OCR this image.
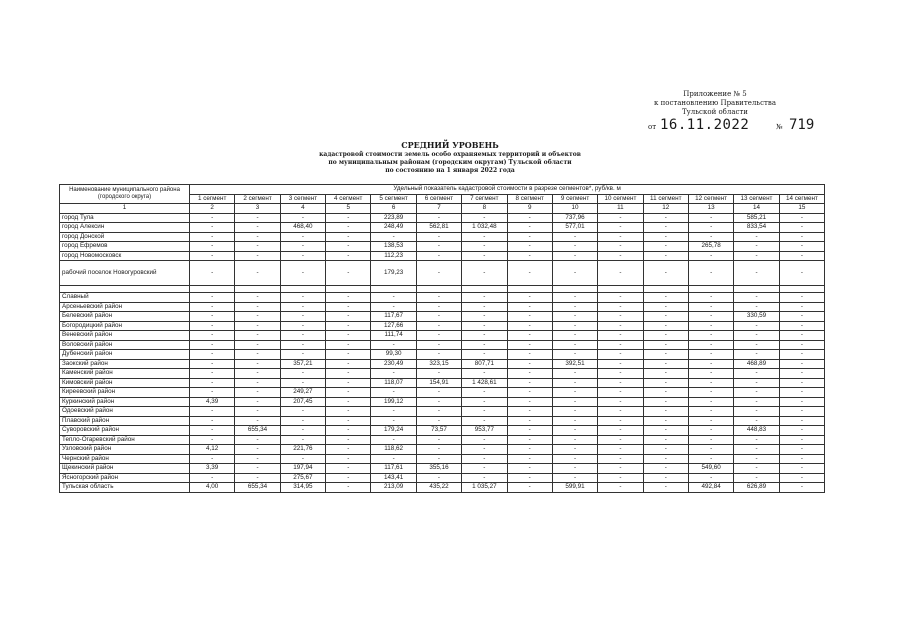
Приложение № 5
к постановлению Правительства
Тульской области
от 16.11.2022	№ 719
СРЕДНИЙ УРОВЕНЬ
кадастровой стоимости земель особо охраняемых территорий и объектов
по муниципальным районам (городским округам) Тульской области
по состоянию на 1 января 2022 года
Наименование муниципального района (городского округа)	Удельный показатель кадастровой стоимости в разрезе сегментов*, руб/кв. м													
	1 сегмент	2 сегмент	3 сегмент	4 сегмент	5 сегмент	6 сегмент	7 сегмент	8 сегмент	9 сегмент	10 сегмент	11 сегмент	12 сегмент	13 сегмент	14 сегмент
1	2	3	4	5	6	7	8	9	10	11	12	13	14	15
город Тула	-	-	-	-	223,89	-	-	-	737,96	-	-	-	585,21	-
город Алексин	-	-	468,40	-	248,49	562,81	1 032,48	-	577,01	-	-	-	833,54	-
город Донской	-	-	-	-	-	-	-	-	-	-	-	-	-	-
город Ефремов	-	-	-	-	138,53	-	-	-	-	-	-	265,78	-	-
город Новомосковск	-	-	-	-	112,23	-	-	-	-	-	-	-	-	-
рабочий поселок Новогуровский	-	-	-	-	179,23	-	-	-	-	-	-	-	-	-

Славный	-	-	-	-	-	-	-	-	-	-	-	-	-	-
Арсеньевский район	-	-	-	-	-	-	-	-	-	-	-	-	-	-
Белевский район	-	-	-	-	117,67	-	-	-	-	-	-	-	330,59	-
Богородицкий район	-	-	-	-	127,66	-	-	-	-	-	-	-	-	-
Веневский район	-	-	-	-	111,74	-	-	-	-	-	-	-	-	-
Воловский район	-	-	-	-	-	-	-	-	-	-	-	-	-	-
Дубенский район	-	-	-	-	99,30	-	-	-	-	-	-	-	-	-
Заокский район	-	-	357,21	-	230,49	323,15	807,71	-	392,51	-	-	-	468,89	-
Каменский район	-	-	-	-	-	-	-	-	-	-	-	-	-	-
Кимовский район	-	-	-	-	118,07	154,91	1 428,61	-	-	-	-	-	-	-
Киреевский район	-	-	249,27	-	-	-	-	-	-	-	-	-	-	-
Куркинский район	4,39	-	207,45	-	199,12	-	-	-	-	-	-	-	-	-
Одоевский район	-	-	-	-	-	-	-	-	-	-	-	-	-	-
Плавский район	-	-	-	-	-	-	-	-	-	-	-	-	-	-
Суворовский район	-	655,34	-	-	179,24	73,57	953,77	-	-	-	-	-	448,83	-
Тепло-Огаревский район	-	-	-	-	-	-	-	-	-	-	-	-	-	-
Узловский район	4,12	-	221,76	-	118,62	-	-	-	-	-	-	-	-	-
Чернский район	-	-	-	-	-	-	-	-	-	-	-	-	-	-
Щекинский район	3,39	-	197,94	-	117,61	355,16	-	-	-	-	-	549,60	-	-
Ясногорский район	-	-	275,67	-	143,41	-	-	-	-	-	-	-	-	-
Тульская область	4,00	655,34	314,95	-	213,09	435,22	1 035,27	-	599,91	-	-	492,84	626,89	-
